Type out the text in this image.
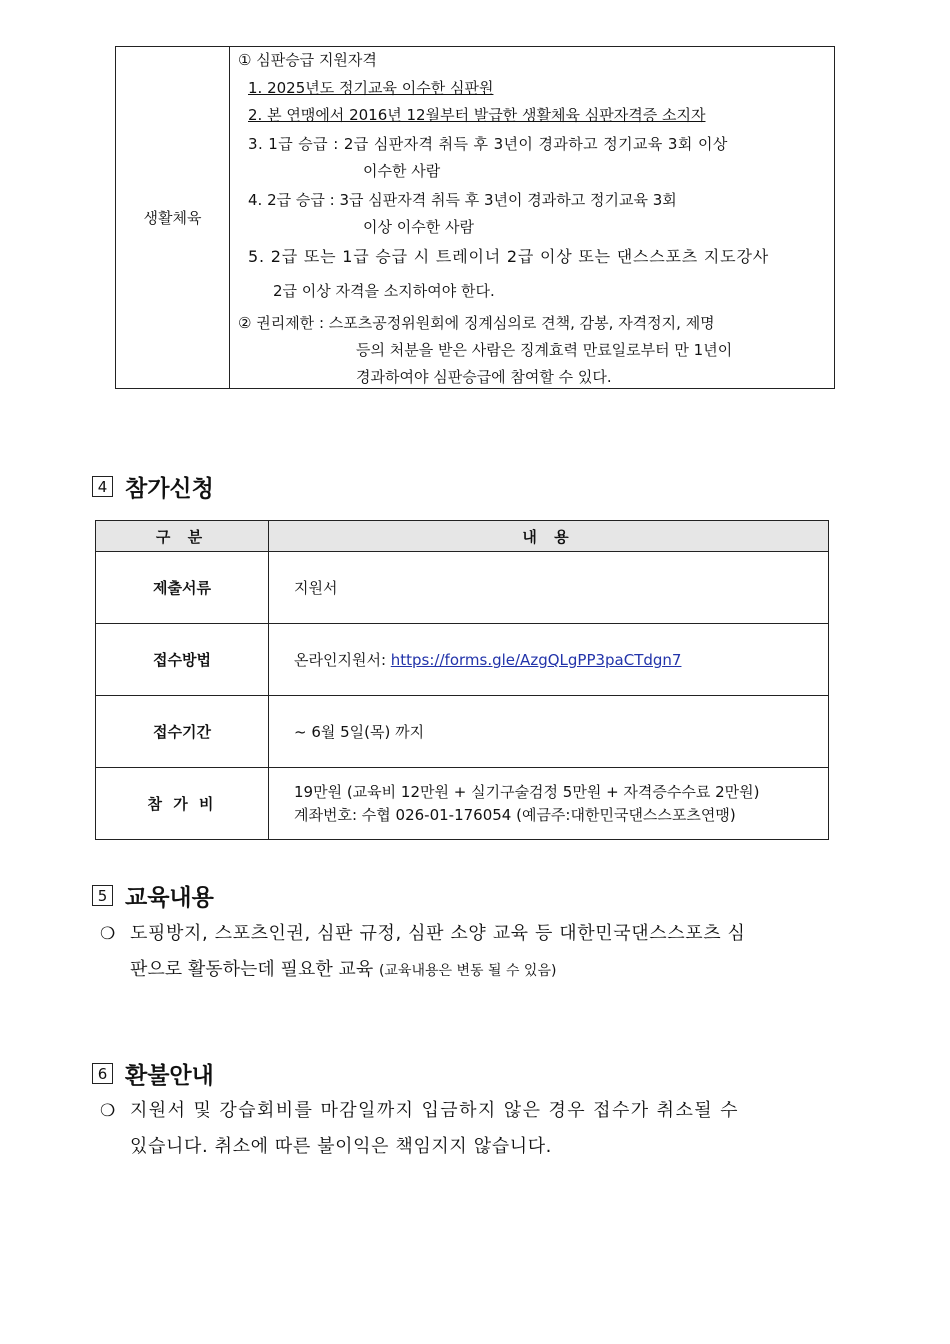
생활체육
① 심판승급 지원자격
1. 2025년도 정기교육 이수한 심판원
2. 본 연맹에서 2016년 12월부터 발급한 생활체육 심판자격증 소지자
3. 1급 승급 : 2급 심판자격 취득 후 3년이 경과하고 정기교육 3회 이상
이수한 사람
4. 2급 승급 : 3급 심판자격 취득 후 3년이 경과하고 정기교육 3회
이상 이수한 사람
5. 2급 또는 1급 승급 시 트레이너 2급 이상 또는 댄스스포츠 지도강사
2급 이상 자격을 소지하여야 한다.
② 권리제한 : 스포츠공정위원회에 징계심의로 견책, 감봉, 자격정지, 제명
등의 처분을 받은 사람은 징계효력 만료일로부터 만 1년이
경과하여야 심판승급에 참여할 수 있다.
4 참가신청
구 분	내 용
제출서류	지원서
접수방법	온라인지원서: https://forms.gle/AzgQLgPP3paCTdgn7
접수기간	~ 6월 5일(목) 까지
참 가 비	19만원 (교육비 12만원 + 실기구술검정 5만원 + 자격증수수료 2만원)
계좌번호: 수협 026-01-176054 (예금주:대한민국댄스스포츠연맹)
5 교육내용
❍ 도핑방지, 스포츠인권, 심판 규정, 심판 소양 교육 등 대한민국댄스스포츠 심
판으로 활동하는데 필요한 교육 (교육내용은 변동 될 수 있음)
6 환불안내
❍ 지원서 및 강습회비를 마감일까지 입금하지 않은 경우 접수가 취소될 수
있습니다. 취소에 따른 불이익은 책임지지 않습니다.
